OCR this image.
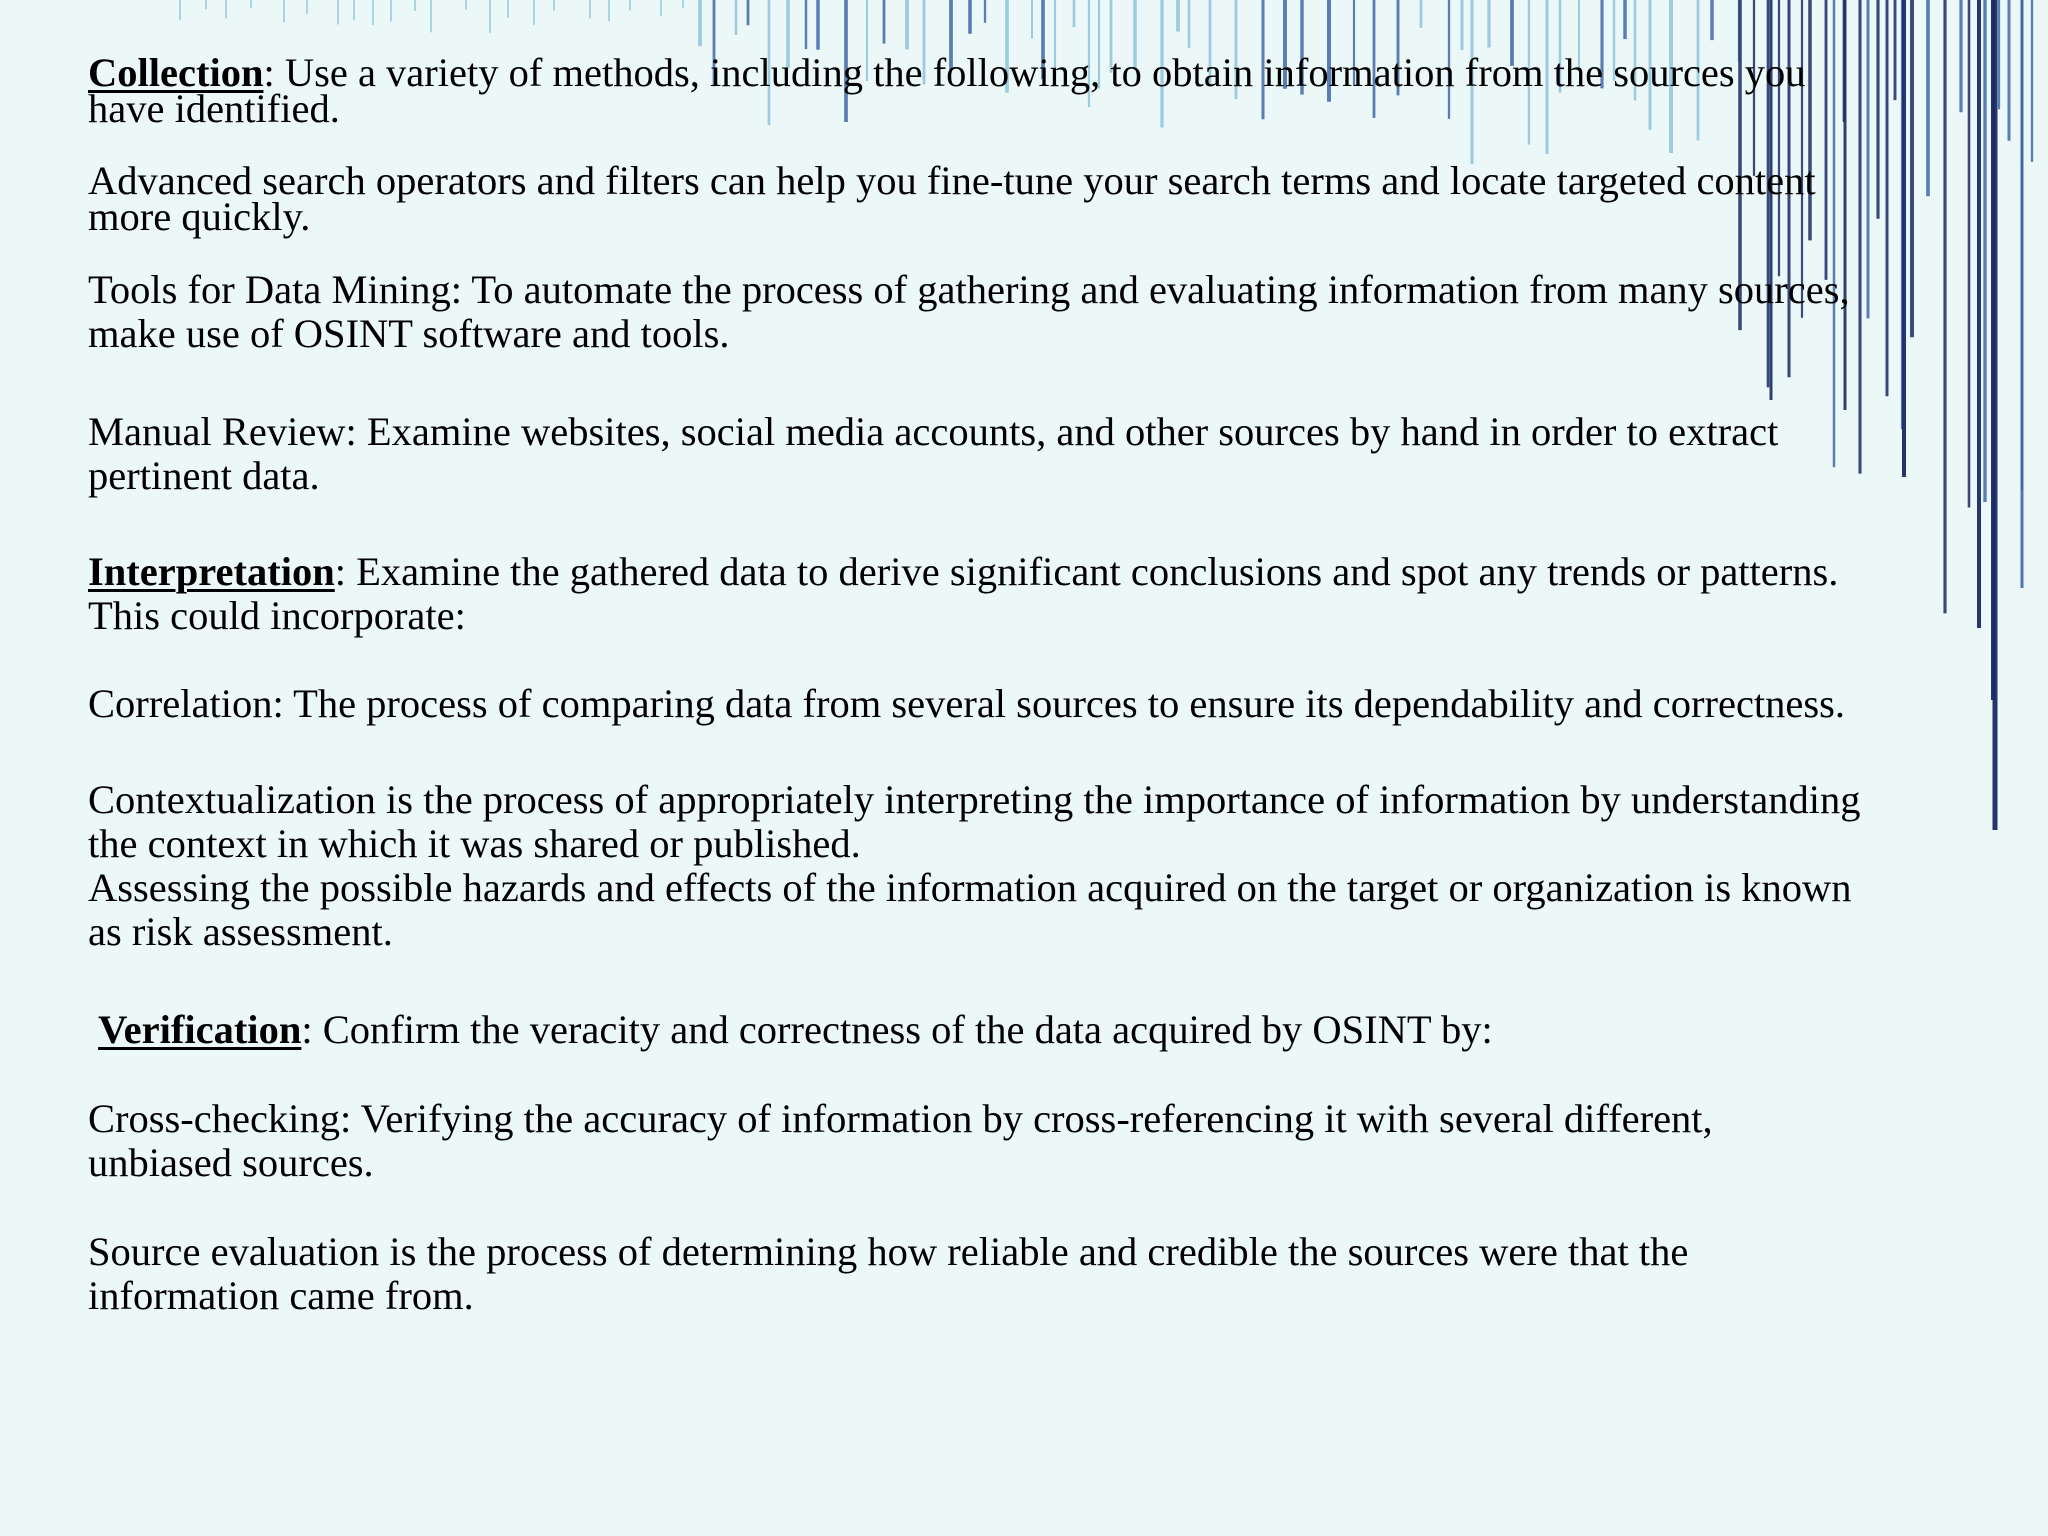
Collection: Use a variety of methods, including the following, to obtain information from the sources you
have identified.

Advanced search operators and filters can help you fine-tune your search terms and locate targeted content
more quickly.

Tools for Data Mining: To automate the process of gathering and evaluating information from many sources,
make use of OSINT software and tools.

Manual Review: Examine websites, social media accounts, and other sources by hand in order to extract
pertinent data.

Interpretation: Examine the gathered data to derive significant conclusions and spot any trends or patterns.
This could incorporate:

Correlation: The process of comparing data from several sources to ensure its dependability and correctness.

Contextualization is the process of appropriately interpreting the importance of information by understanding
the context in which it was shared or published.
Assessing the possible hazards and effects of the information acquired on the target or organization is known
as risk assessment.

Verification: Confirm the veracity and correctness of the data acquired by OSINT by:

Cross-checking: Verifying the accuracy of information by cross-referencing it with several different,
unbiased sources.

Source evaluation is the process of determining how reliable and credible the sources were that the
information came from.
